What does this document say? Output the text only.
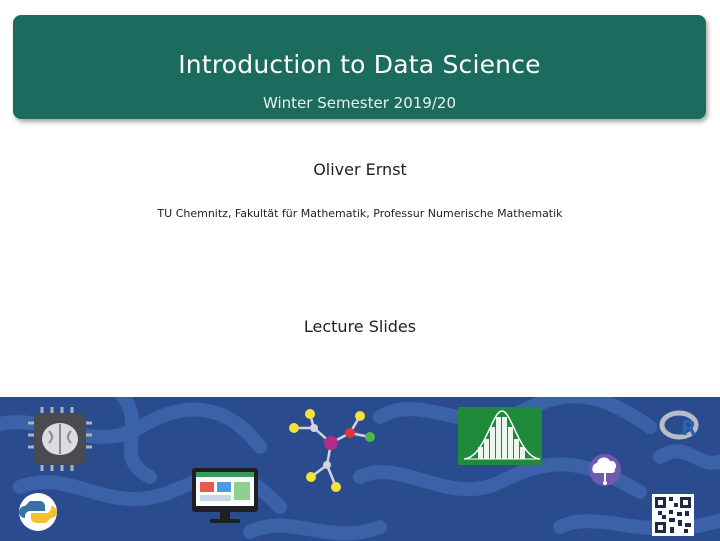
Introduction to Data Science
Winter Semester 2019/20
Oliver Ernst
TU Chemnitz, Fakultät für Mathematik, Professur Numerische Mathematik
Lecture Slides
R
